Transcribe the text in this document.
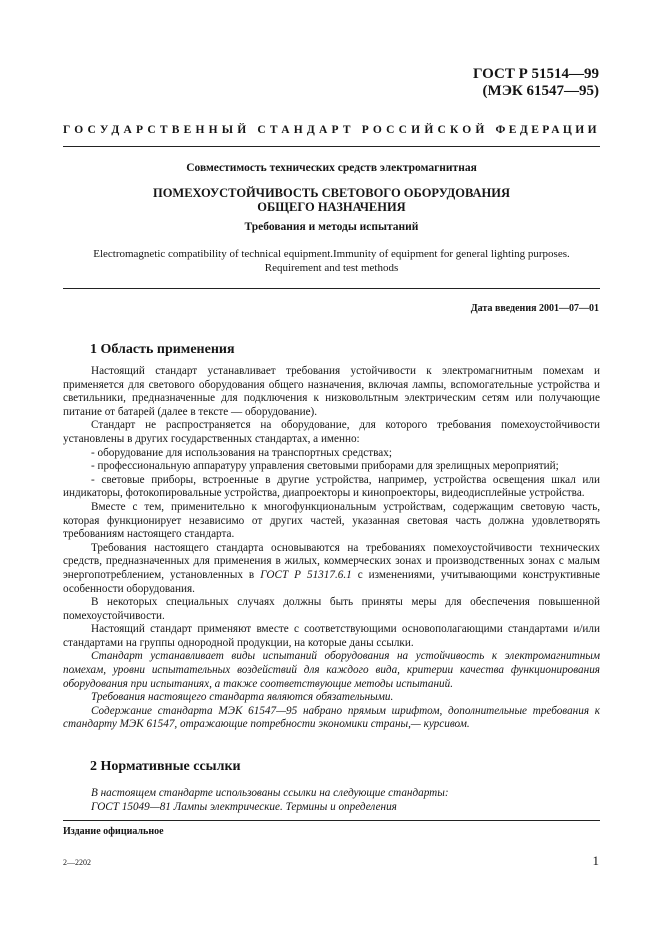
ГОСТ Р 51514—99
(МЭК 61547—95)
ГОСУДАРСТВЕННЫЙ СТАНДАРТ РОССИЙСКОЙ ФЕДЕРАЦИИ
Совместимость технических средств электромагнитная
ПОМЕХОУСТОЙЧИВОСТЬ СВЕТОВОГО ОБОРУДОВАНИЯ
ОБЩЕГО НАЗНАЧЕНИЯ
Требования и методы испытаний
Electromagnetic compatibility of technical equipment.Immunity of equipment for general lighting purposes.
Requirement and test methods
Дата введения 2001—07—01
1 Область применения

Настоящий стандарт устанавливает требования устойчивости к электромагнитным помехам и применяется для светового оборудования общего назначения, включая лампы, вспомогательные устройства и светильники, предназначенные для подключения к низковольтным электрическим сетям или получающие питание от батарей (далее в тексте — оборудование).

Стандарт не распространяется на оборудование, для которого требования помехоустойчивости установлены в других государственных стандартах, а именно:

- оборудование для использования на транспортных средствах;

- профессиональную аппаратуру управления световыми приборами для зрелищных мероприятий;

- световые приборы, встроенные в другие устройства, например, устройства освещения шкал или индикаторы, фотокопировальные устройства, диапроекторы и кинопроекторы, видеодисплейные устройства.

Вместе с тем, применительно к многофункциональным устройствам, содержащим световую часть, которая функционирует независимо от других частей, указанная световая часть должна удовлетворять требованиям настоящего стандарта.

Требования настоящего стандарта основываются на требованиях помехоустойчивости технических средств, предназначенных для применения в жилых, коммерческих зонах и производственных зонах с малым энергопотреблением, установленных в ГОСТ Р 51317.6.1 с изменениями, учитывающими конструктивные особенности оборудования.

В некоторых специальных случаях должны быть приняты меры для обеспечения повышенной помехоустойчивости.

Настоящий стандарт применяют вместе с соответствующими основополагающими стандартами и/или стандартами на группы однородной продукции, на которые даны ссылки.

Стандарт устанавливает виды испытаний оборудования на устойчивость к электромагнитным помехам, уровни испытательных воздействий для каждого вида, критерии качества функционирования оборудования при испытаниях, а также соответствующие методы испытаний.

Требования настоящего стандарта являются обязательными.

Содержание стандарта МЭК 61547—95 набрано прямым шрифтом, дополнительные требования к стандарту МЭК 61547, отражающие потребности экономики страны,— курсивом.

2 Нормативные ссылки

В настоящем стандарте использованы ссылки на следующие стандарты:

ГОСТ 15049—81 Лампы электрические. Термины и определения

Издание официальное
2—2202	1
